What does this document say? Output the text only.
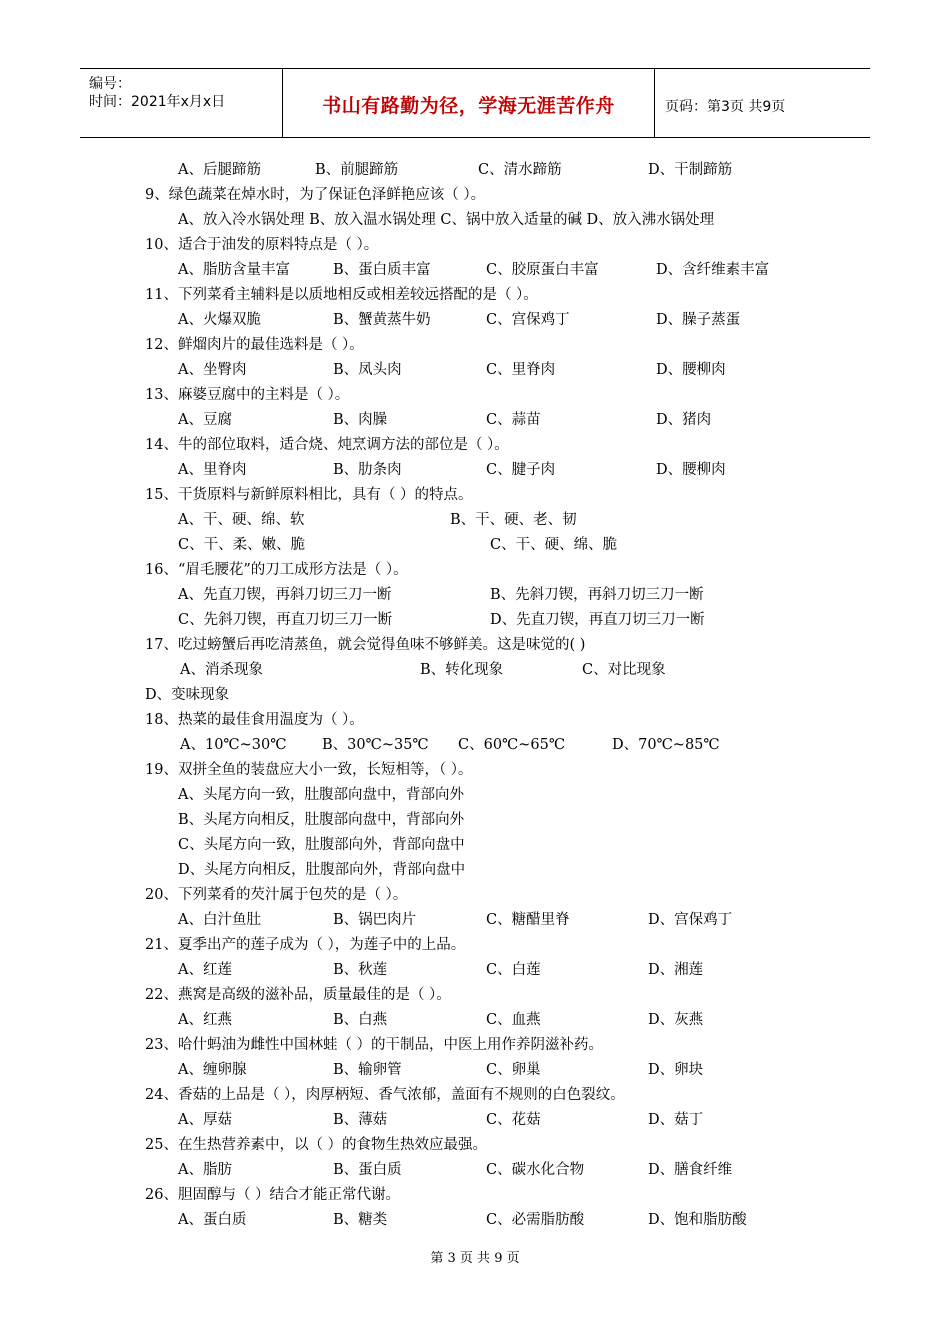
编号：
时间：2021年x月x日	书山有路勤为径，学海无涯苦作舟	页码：第3页 共9页
A、后腿蹄筋	B、前腿蹄筋	C、清水蹄筋	D、干制蹄筋
9、绿色蔬菜在焯水时，为了保证色泽鲜艳应该（ ）。
A、放入冷水锅处理 B、放入温水锅处理 C、锅中放入适量的碱 D、放入沸水锅处理
10、适合于油发的原料特点是（ ）。
A、脂肪含量丰富	B、蛋白质丰富	C、胶原蛋白丰富	D、含纤维素丰富
11、下列菜肴主辅料是以质地相反或相差较远搭配的是（ ）。
A、火爆双脆	B、蟹黄蒸牛奶	C、宫保鸡丁	D、臊子蒸蛋
12、鲜熘肉片的最佳选料是（ ）。
A、坐臀肉	B、凤头肉	C、里脊肉	D、腰柳肉
13、麻婆豆腐中的主料是（ ）。
A、豆腐	B、肉臊	C、蒜苗	D、猪肉
14、牛的部位取料，适合烧、炖烹调方法的部位是（ ）。
A、里脊肉	B、肋条肉	C、腱子肉	D、腰柳肉
15、干货原料与新鲜原料相比，具有（ ）的特点。
A、干、硬、绵、软	B、干、硬、老、韧
C、干、柔、嫩、脆	C、干、硬、绵、脆
16、“眉毛腰花”的刀工成形方法是（ ）。
A、先直刀锲，再斜刀切三刀一断	B、先斜刀锲，再斜刀切三刀一断
C、先斜刀锲，再直刀切三刀一断	D、先直刀锲，再直刀切三刀一断
17、吃过螃蟹后再吃清蒸鱼，就会觉得鱼味不够鲜美。这是味觉的( )
A、消杀现象	B、转化现象	C、对比现象
D、变味现象
18、热菜的最佳食用温度为（ ）。
A、10℃~30℃ B、30℃~35℃ C、60℃~65℃	D、70℃~85℃
19、双拼全鱼的装盘应大小一致，长短相等，（ ）。
A、头尾方向一致，肚腹部向盘中，背部向外
B、头尾方向相反，肚腹部向盘中，背部向外
C、头尾方向一致，肚腹部向外，背部向盘中
D、头尾方向相反，肚腹部向外，背部向盘中
20、下列菜肴的芡汁属于包芡的是（ ）。
A、白汁鱼肚	B、锅巴肉片	C、糖醋里脊	D、宫保鸡丁
21、夏季出产的莲子成为（ ），为莲子中的上品。
A、红莲	B、秋莲	C、白莲	D、湘莲
22、燕窝是高级的滋补品，质量最佳的是（ ）。
A、红燕	B、白燕	C、血燕	D、灰燕
23、哈什蚂油为雌性中国林蛙（ ）的干制品，中医上用作养阴滋补药。
A、缠卵腺	B、输卵管	C、卵巢	D、卵块
24、香菇的上品是（ ），肉厚柄短、香气浓郁，盖面有不规则的白色裂纹。
A、厚菇	B、薄菇	C、花菇	D、菇丁
25、在生热营养素中，以（ ）的食物生热效应最强。
A、脂肪	B、蛋白质	C、碳水化合物	D、膳食纤维
26、胆固醇与（ ）结合才能正常代谢。
A、蛋白质	B、糖类	C、必需脂肪酸	D、饱和脂肪酸
第 3 页 共 9 页
